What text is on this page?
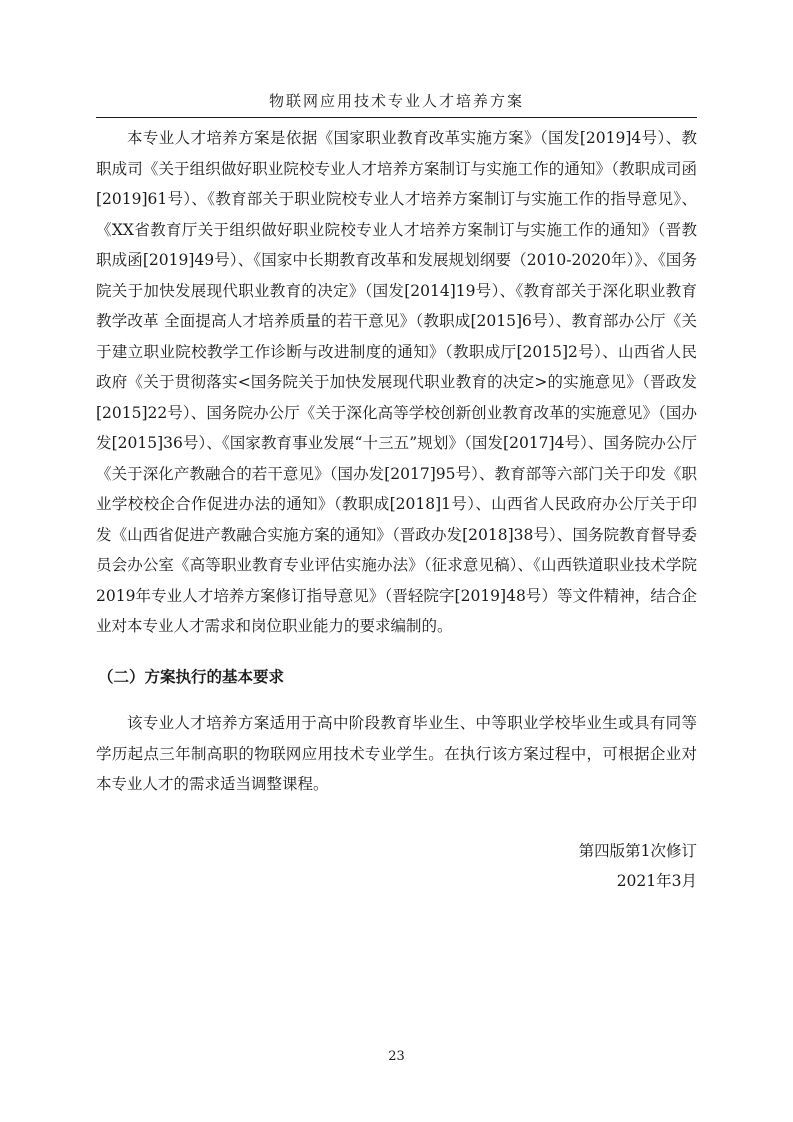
物联网应用技术专业人才培养方案

本专业人才培养方案是依据《国家职业教育改革实施方案》（国发[2019]4号）、教职成司《关于组织做好职业院校专业人才培养方案制订与实施工作的通知》（教职成司函[2019]61号）、《教育部关于职业院校专业人才培养方案制订与实施工作的指导意见》、《XX省教育厅关于组织做好职业院校专业人才培养方案制订与实施工作的通知》（晋教职成函[2019]49号）、《国家中长期教育改革和发展规划纲要（2010-2020年）》、《国务院关于加快发展现代职业教育的决定》（国发[2014]19号）、《教育部关于深化职业教育教学改革 全面提高人才培养质量的若干意见》（教职成[2015]6号）、教育部办公厅《关于建立职业院校教学工作诊断与改进制度的通知》（教职成厅[2015]2号）、山西省人民政府《关于贯彻落实<国务院关于加快发展现代职业教育的决定>的实施意见》（晋政发[2015]22号）、国务院办公厅《关于深化高等学校创新创业教育改革的实施意见》（国办发[2015]36号）、《国家教育事业发展“十三五”规划》（国发[2017]4号）、国务院办公厅《关于深化产教融合的若干意见》（国办发[2017]95号）、教育部等六部门关于印发《职业学校校企合作促进办法的通知》（教职成[2018]1号）、山西省人民政府办公厅关于印发《山西省促进产教融合实施方案的通知》（晋政办发[2018]38号）、国务院教育督导委员会办公室《高等职业教育专业评估实施办法》（征求意见稿）、《山西铁道职业技术学院2019年专业人才培养方案修订指导意见》（晋轻院字[2019]48号）等文件精神，结合企业对本专业人才需求和岗位职业能力的要求编制的。

（二）方案执行的基本要求

该专业人才培养方案适用于高中阶段教育毕业生、中等职业学校毕业生或具有同等学历起点三年制高职的物联网应用技术专业学生。在执行该方案过程中，可根据企业对本专业人才的需求适当调整课程。

第四版第1次修订
2021年3月
23
